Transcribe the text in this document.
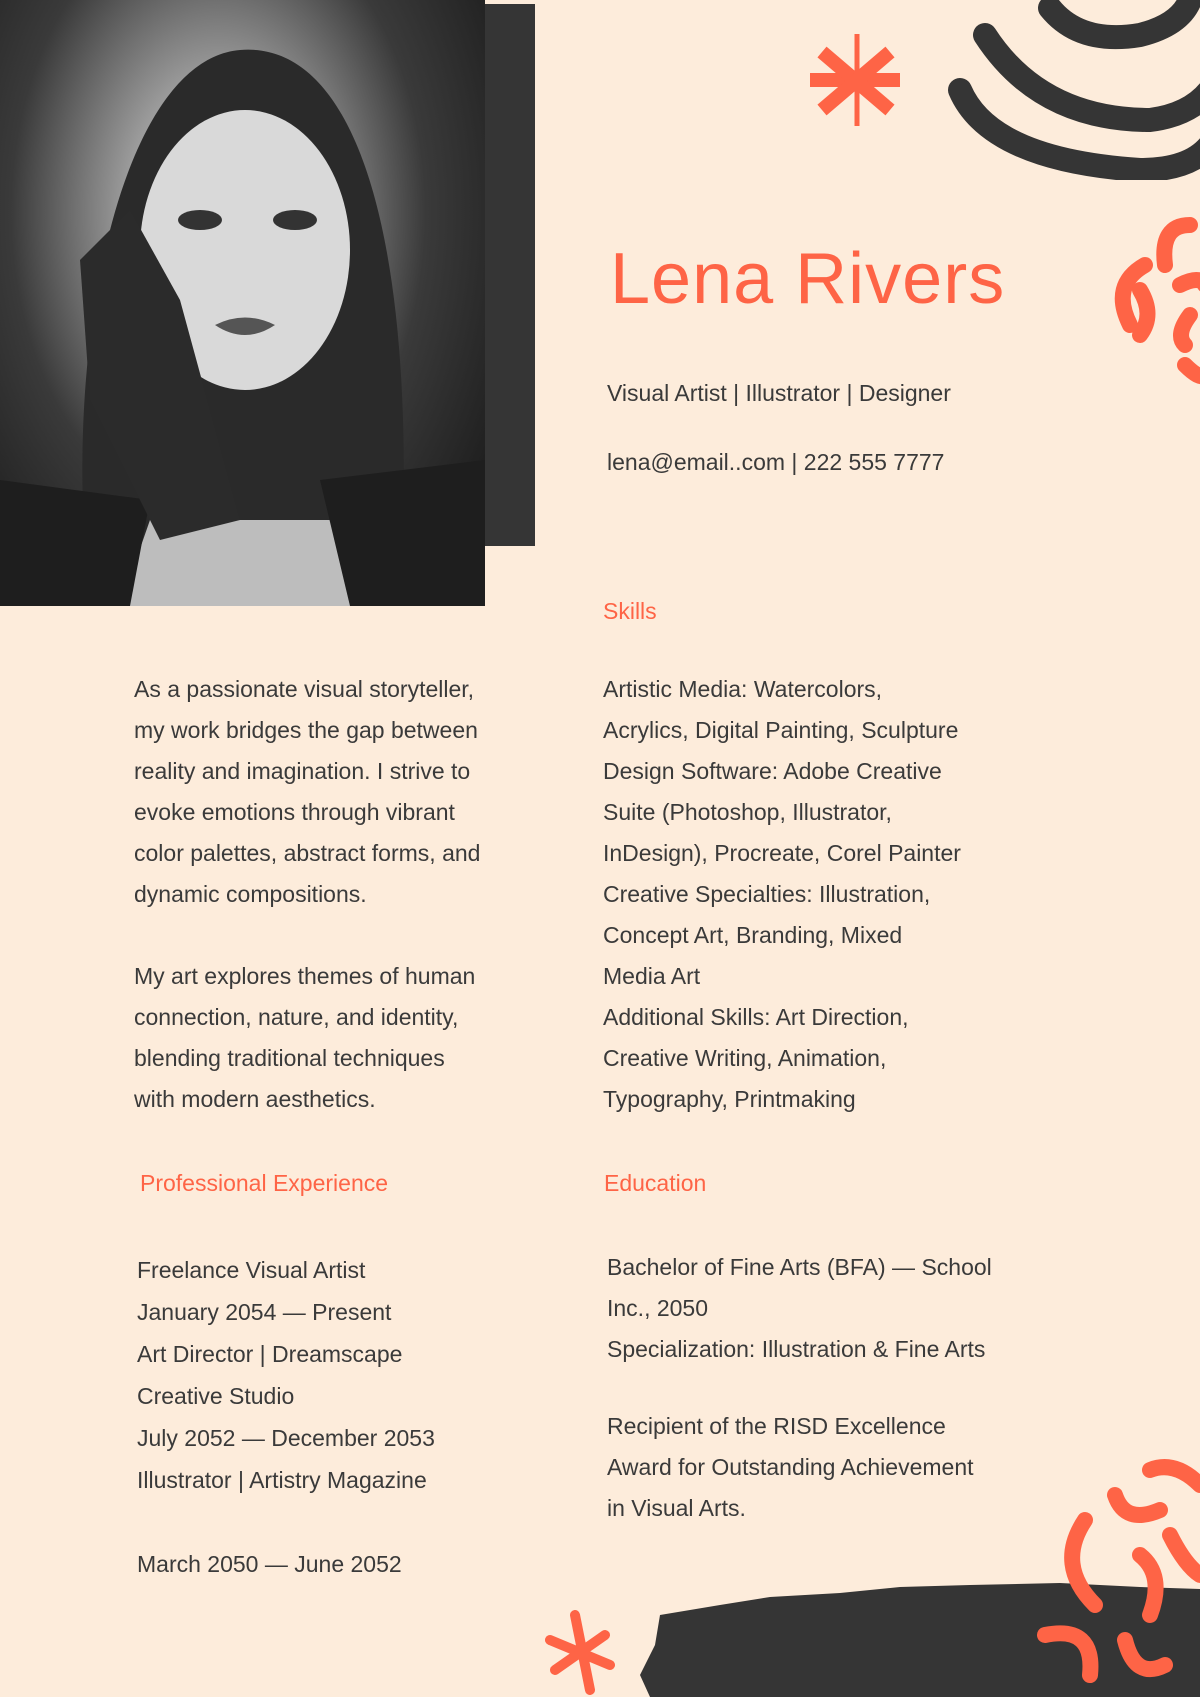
Lena Rivers
Visual Artist | Illustrator | Designer
lena@email..com | 222 555 7777
As a passionate visual storyteller,
my work bridges the gap between
reality and imagination. I strive to
evoke emotions through vibrant
color palettes, abstract forms, and
dynamic compositions.
My art explores themes of human
connection, nature, and identity,
blending traditional techniques
with modern aesthetics.
Skills
Artistic Media: Watercolors,
Acrylics, Digital Painting, Sculpture
Design Software: Adobe Creative
Suite (Photoshop, Illustrator,
InDesign), Procreate, Corel Painter
Creative Specialties: Illustration,
Concept Art, Branding, Mixed
Media Art
Additional Skills: Art Direction,
Creative Writing, Animation,
Typography, Printmaking
Professional Experience
Freelance Visual Artist
January 2054 — Present
Art Director | Dreamscape
Creative Studio
July 2052 — December 2053
Illustrator | Artistry Magazine
March 2050 — June 2052
Education
Bachelor of Fine Arts (BFA) — School
Inc., 2050
Specialization: Illustration & Fine Arts
Recipient of the RISD Excellence
Award for Outstanding Achievement
in Visual Arts.
